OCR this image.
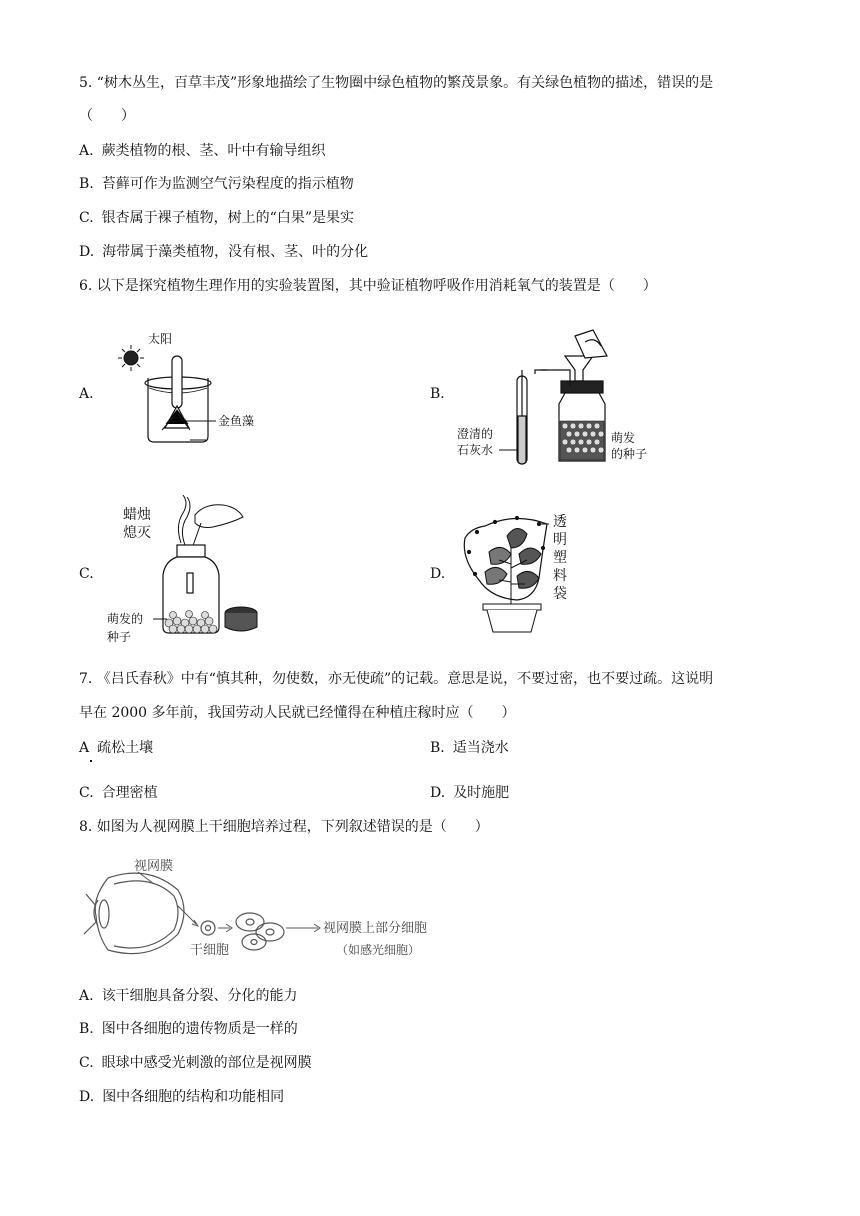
5. “树木丛生，百草丰茂”形象地描绘了生物圈中绿色植物的繁茂景象。有关绿色植物的描述，错误的是
（　　）
A. 蕨类植物的根、茎、叶中有输导组织
B. 苔藓可作为监测空气污染程度的指示植物
C. 银杏属于裸子植物，树上的“白果”是果实
D. 海带属于藻类植物，没有根、茎、叶的分化
6. 以下是探究植物生理作用的实验装置图，其中验证植物呼吸作用消耗氧气的装置是（　　）
A.
太阳
金鱼藻
B.
澄清的
石灰水
萌发
的种子
C.
蜡烛
熄灭
萌发的
种子
D.
透
明
塑
料
袋
7. 《吕氏春秋》中有“慎其种，勿使数，亦无使疏”的记载。意思是说，不要过密，也不要过疏。这说明
早在 2000 多年前，我国劳动人民就已经懂得在种植庄稼时应（　　）
A 疏松土壤	B. 适当浇水
C. 合理密植	D. 及时施肥
8. 如图为人视网膜上干细胞培养过程，下列叙述错误的是（　　）
视网膜
干细胞
视网膜上部分细胞
（如感光细胞）
A. 该干细胞具备分裂、分化的能力
B. 图中各细胞的遗传物质是一样的
C. 眼球中感受光刺激的部位是视网膜
D. 图中各细胞的结构和功能相同
